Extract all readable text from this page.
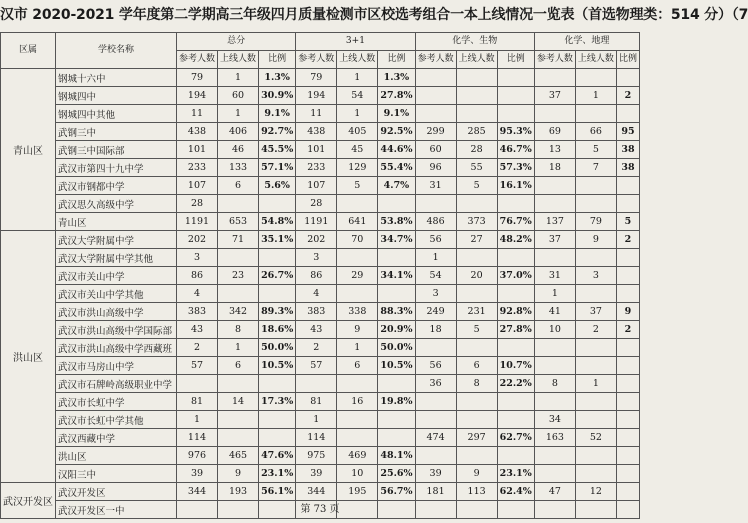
汉市 2020-2021 学年度第二学期高三年级四月质量检测市区校选考组合一本上线情况一览表（首选物理类：514 分）（7
区属	学校名称	总分			3+1			化学、生物			化学、地理		
		参考人数	上线人数	比例	参考人数	上线人数	比例	参考人数	上线人数	比例	参考人数	上线人数	比例
青山区	钢城十六中	79	1	1.3%	79	1	1.3%						
	钢城四中	194	60	30.9%	194	54	27.8%				37	1	2
	钢城四中其他	11	1	9.1%	11	1	9.1%						
	武钢三中	438	406	92.7%	438	405	92.5%	299	285	95.3%	69	66	95
	武钢三中国际部	101	46	45.5%	101	45	44.6%	60	28	46.7%	13	5	38
	武汉市第四十九中学	233	133	57.1%	233	129	55.4%	96	55	57.3%	18	7	38
	武汉市钢都中学	107	6	5.6%	107	5	4.7%	31	5	16.1%			
	武汉思久高级中学	28			28								
	青山区	1191	653	54.8%	1191	641	53.8%	486	373	76.7%	137	79	5
洪山区	武汉大学附属中学	202	71	35.1%	202	70	34.7%	56	27	48.2%	37	9	2
	武汉大学附属中学其他	3			3			1					
	武汉市关山中学	86	23	26.7%	86	29	34.1%	54	20	37.0%	31	3	
	武汉市关山中学其他	4			4			3			1		
	武汉市洪山高级中学	383	342	89.3%	383	338	88.3%	249	231	92.8%	41	37	9
	武汉市洪山高级中学国际部	43	8	18.6%	43	9	20.9%	18	5	27.8%	10	2	2
	武汉市洪山高级中学西藏班	2	1	50.0%	2	1	50.0%						
	武汉市马房山中学	57	6	10.5%	57	6	10.5%	56	6	10.7%			
	武汉市石牌岭高级职业中学							36	8	22.2%	8	1	
	武汉市长虹中学	81	14	17.3%	81	16	19.8%						
	武汉市长虹中学其他	1			1						34		
	武汉西藏中学	114			114			474	297	62.7%	163	52	
	洪山区	976	465	47.6%	975	469	48.1%						
	汉阳三中	39	9	23.1%	39	10	25.6%	39	9	23.1%			
武汉开发区	武汉开发区	344	193	56.1%	344	195	56.7%	181	113	62.4%	47	12	
	武汉开发区一中													第 73 页
